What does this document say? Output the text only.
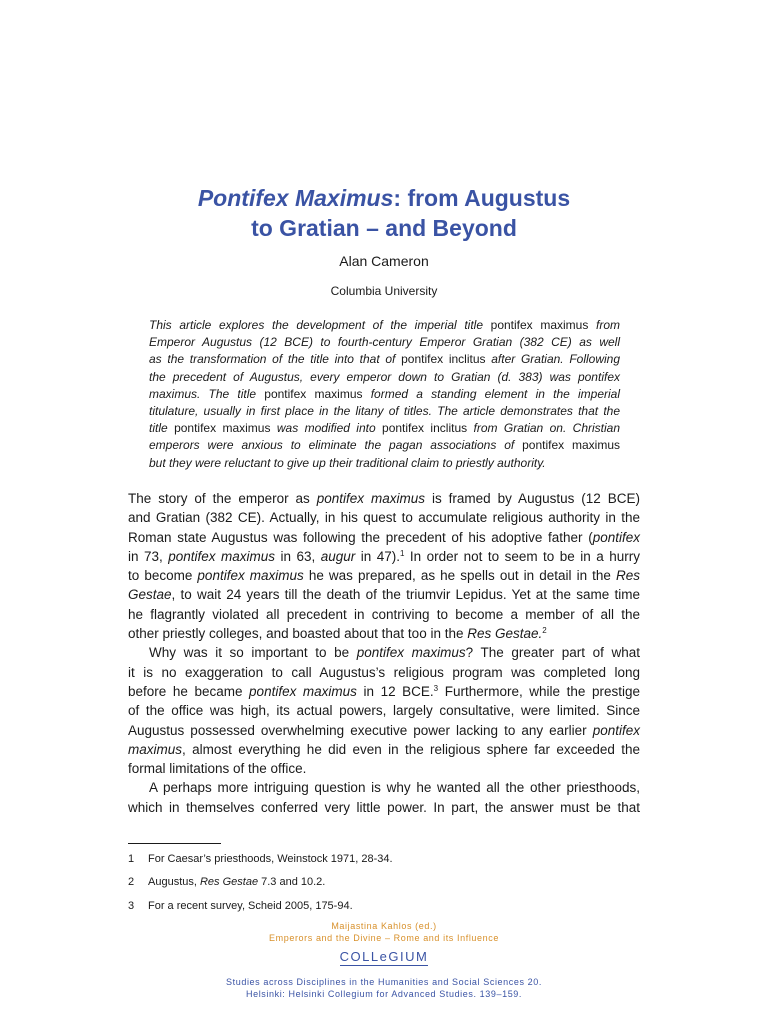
Pontifex Maximus: from Augustus
to Gratian – and Beyond
Alan Cameron
Columbia University
This article explores the development of the imperial title pontifex maximus from
Emperor Augustus (12 BCE) to fourth-century Emperor Gratian (382 CE) as well
as the transformation of the title into that of pontifex inclitus after Gratian. Following
the precedent of Augustus, every emperor down to Gratian (d. 383) was pontifex
maximus. The title pontifex maximus formed a standing element in the imperial
titulature, usually in first place in the litany of titles. The article demonstrates that the
title pontifex maximus was modified into pontifex inclitus from Gratian on. Christian
emperors were anxious to eliminate the pagan associations of pontifex maximus
but they were reluctant to give up their traditional claim to priestly authority.
The story of the emperor as pontifex maximus is framed by Augustus (12 BCE)
and Gratian (382 CE). Actually, in his quest to accumulate religious authority in the
Roman state Augustus was following the precedent of his adoptive father (pontifex
in 73, pontifex maximus in 63, augur in 47).$^1$ In order not to seem to be in a hurry
to become pontifex maximus he was prepared, as he spells out in detail in the Res
Gestae, to wait 24 years till the death of the triumvir Lepidus. Yet at the same time
he flagrantly violated all precedent in contriving to become a member of all the
other priestly colleges, and boasted about that too in the Res Gestae.$^2$
Why was it so important to be pontifex maximus? The greater part of what
it is no exaggeration to call Augustus’s religious program was completed long
before he became pontifex maximus in 12 BCE.$^3$ Furthermore, while the prestige
of the office was high, its actual powers, largely consultative, were limited. Since
Augustus possessed overwhelming executive power lacking to any earlier pontifex
maximus, almost everything he did even in the religious sphere far exceeded the
formal limitations of the office.
A perhaps more intriguing question is why he wanted all the other priesthoods,
which in themselves conferred very little power. In part, the answer must be that
1 For Caesar’s priesthoods, Weinstock 1971, 28-34.
2 Augustus, Res Gestae 7.3 and 10.2.
3 For a recent survey, Scheid 2005, 175-94.
Maijastina Kahlos (ed.)
Emperors and the Divine – Rome and its Influence
COLLeGIUM
Studies across Disciplines in the Humanities and Social Sciences 20.
Helsinki: Helsinki Collegium for Advanced Studies. 139–159.
